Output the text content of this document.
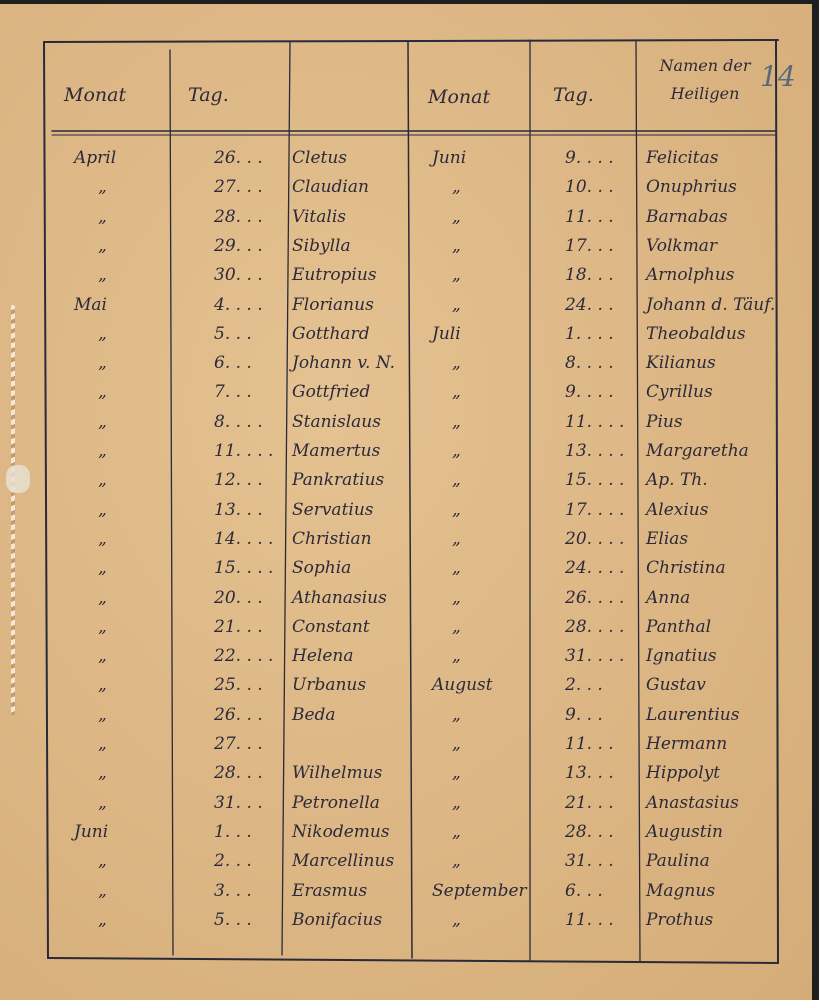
14
Monat	Tag.	Monat	Tag.
Namen der Heiligen
April	26. . . Cletus	Juni	9. . . . Felicitas
„	27. . . Claudian	„	10. . . Onuphrius
„	28. . . Vitalis	„	11. . . Barnabas
„	29. . . Sibylla	„	17. . . Volkmar
„	30. . . Eutropius	„	18. . . Arnolphus
Mai	4. . . . Florianus	„	24. . . Johann d. Täuf.
„	5. . . Gotthard	Juli	1. . . . Theobaldus
„	6. . . Johann v. N.	„	8. . . . Kilianus
„	7. . . Gottfried	„	9. . . . Cyrillus
„	8. . . . Stanislaus	„	11. . . . Pius
„	11. . . . Mamertus	„	13. . . . Margaretha
„	12. . . Pankratius	„	15. . . . Ap. Th.
„	13. . . Servatius	„	17. . . . Alexius
„	14. . . . Christian	„	20. . . . Elias
„	15. . . . Sophia	„	24. . . . Christina
„	20. . . Athanasius	„	26. . . . Anna
„	21. . . Constant	„	28. . . . Panthal
„	22. . . . Helena	„	31. . . . Ignatius
„	25. . . Urbanus	August	2. . .	Gustav
„	26. . . Beda	„	9. . .	Laurentius
„	27. . .	„	11. . . Hermann
„	28. . . Wilhelmus	„	13. . . Hippolyt
„	31. . . Petronella	„	21. . . Anastasius
Juni	1. . . Nikodemus	„	28. . . Augustin
„	2. . . Marcellinus	„	31. . . Paulina
„	3. . . Erasmus	September 6. . .	Magnus
„	5. . . Bonifacius	„	11. . . Prothus
